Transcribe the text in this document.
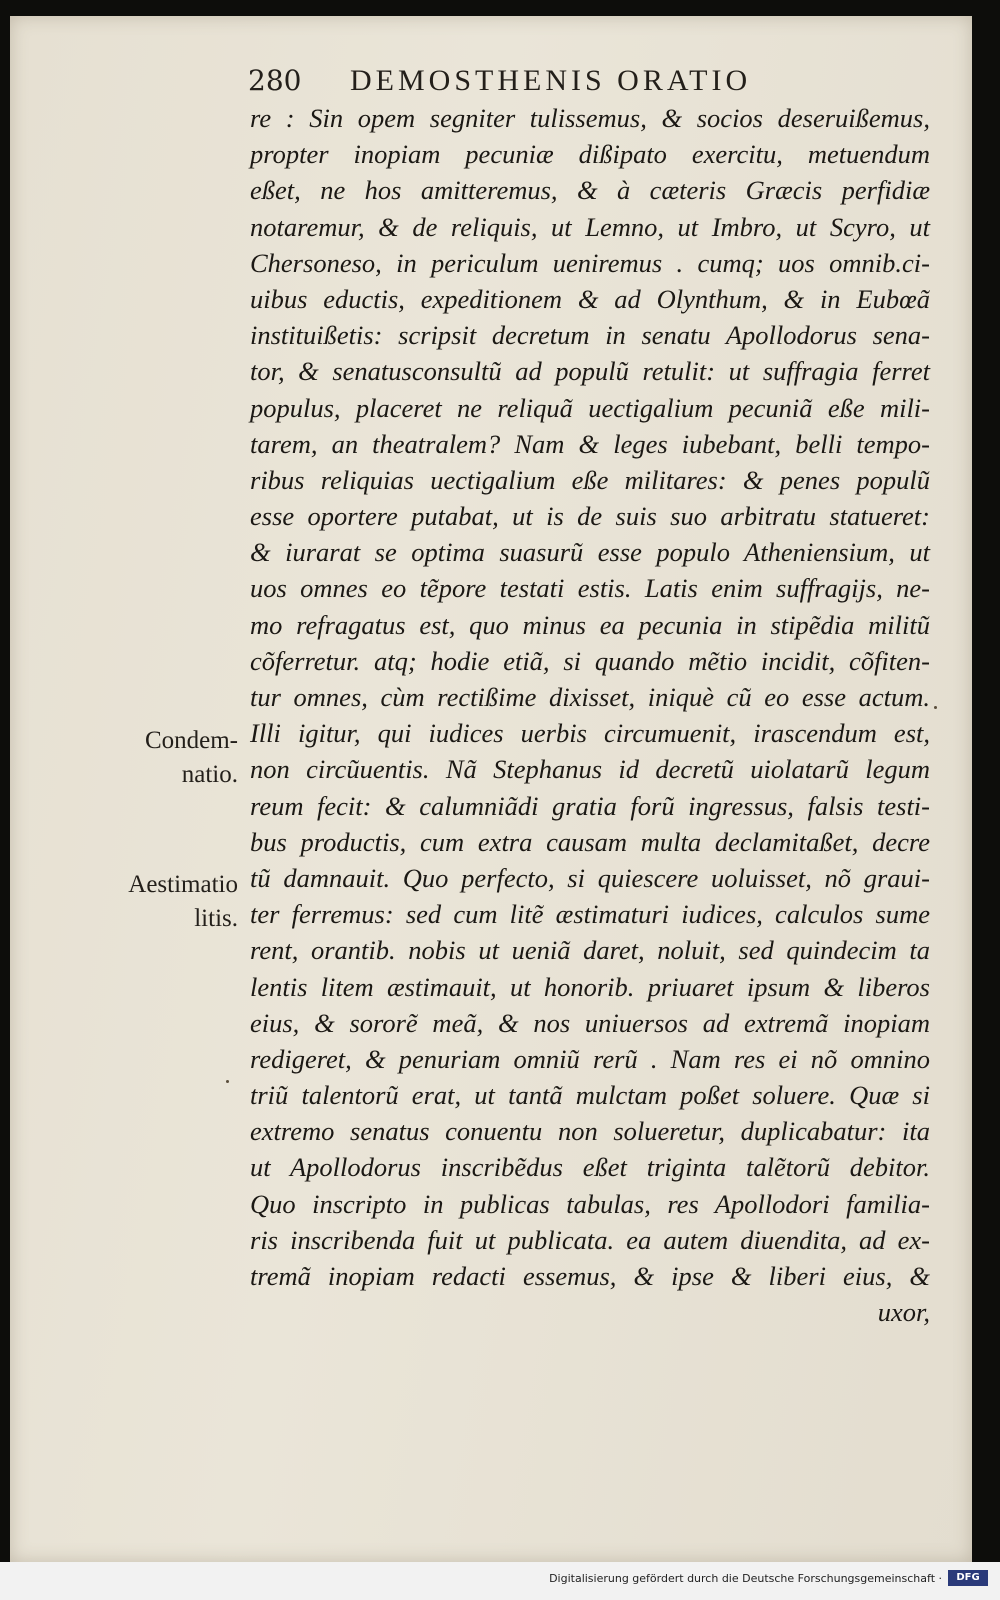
280 DEMOSTHENIS ORATIO
re : Sin opem segniter tulissemus, & socios deseruißemus,
propter inopiam pecuniæ dißipato exercitu, metuendum
eßet, ne hos amitteremus, & à cæteris Græcis perfidiæ
notaremur, & de reliquis, ut Lemno, ut Imbro, ut Scyro, ut
Chersoneso, in periculum ueniremus . cumq; uos omnib.ci-
uibus eductis, expeditionem & ad Olynthum, & in Eubœã
instituißetis: scripsit decretum in senatu Apollodorus sena-
tor, & senatusconsultũ ad populũ retulit: ut suffragia ferret
populus, placeret ne reliquã uectigalium pecuniã eße mili-
tarem, an theatralem? Nam & leges iubebant, belli tempo-
ribus reliquias uectigalium eße militares: & penes populũ
esse oportere putabat, ut is de suis suo arbitratu statueret:
& iurarat se optima suasurũ esse populo Atheniensium, ut
uos omnes eo tẽpore testati estis. Latis enim suffragijs, ne-
mo refragatus est, quo minus ea pecunia in stipẽdia militũ
cõferretur. atq; hodie etiã, si quando mẽtio incidit, cõfiten-
tur omnes, cùm rectißime dixisset, iniquè cũ eo esse actum.
Illi igitur, qui iudices uerbis circumuenit, irascendum est,
non circũuentis. Nã Stephanus id decretũ uiolatarũ legum
reum fecit: & calumniãdi gratia forũ ingressus, falsis testi-
bus productis, cum extra causam multa declamitaßet, decre
tũ damnauit. Quo perfecto, si quiescere uoluisset, nõ graui-
ter ferremus: sed cum litẽ æstimaturi iudices, calculos sume
rent, orantib. nobis ut ueniã daret, noluit, sed quindecim ta
lentis litem æstimauit, ut honorib. priuaret ipsum & liberos
eius, & sororẽ meã, & nos uniuersos ad extremã inopiam
redigeret, & penuriam omniũ rerũ . Nam res ei nõ omnino
triũ talentorũ erat, ut tantã mulctam poßet soluere. Quæ si
extremo senatus conuentu non solueretur, duplicabatur: ita
ut Apollodorus inscribẽdus eßet triginta talẽtorũ debitor.
Quo inscripto in publicas tabulas, res Apollodori familia-
ris inscribenda fuit ut publicata. ea autem diuendita, ad ex-
tremã inopiam redacti essemus, & ipse & liberi eius, &
uxor,
Condem-
natio.
Aestimatio
litis.
Digitalisierung gefördert durch die Deutsche Forschungsgemeinschaft ·	DFG
